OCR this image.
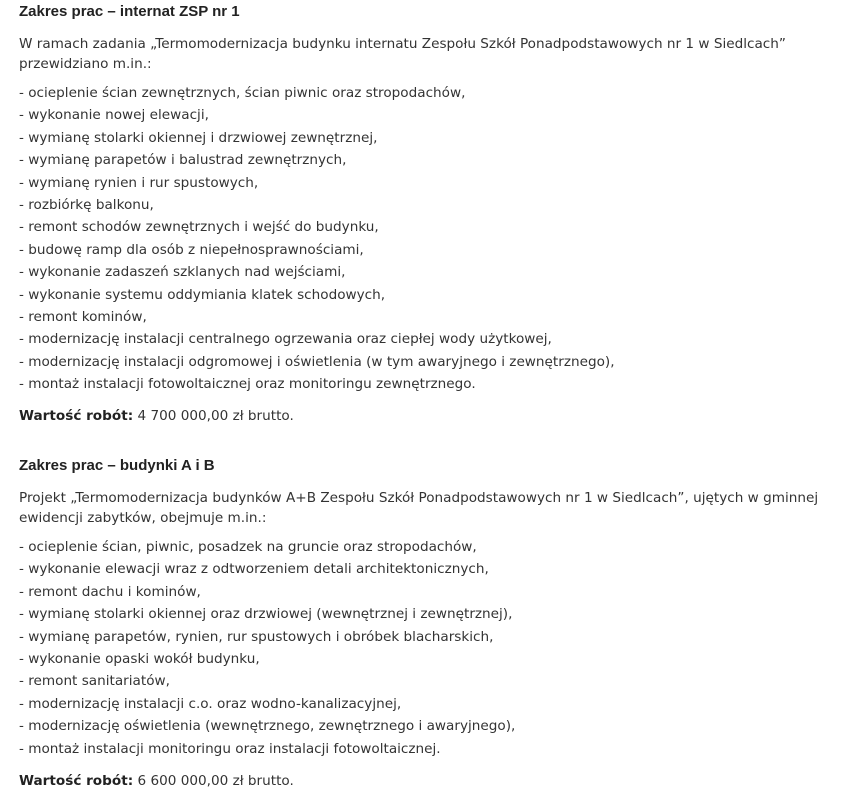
Zakres prac – internat ZSP nr 1

W ramach zadania „Termomodernizacja budynku internatu Zespołu Szkół Ponadpodstawowych nr 1 w Siedlcach”
przewidziano m.in.:

- ocieplenie ścian zewnętrznych, ścian piwnic oraz stropodachów,
- wykonanie nowej elewacji,
- wymianę stolarki okiennej i drzwiowej zewnętrznej,
- wymianę parapetów i balustrad zewnętrznych,
- wymianę rynien i rur spustowych,
- rozbiórkę balkonu,
- remont schodów zewnętrznych i wejść do budynku,
- budowę ramp dla osób z niepełnosprawnościami,
- wykonanie zadaszeń szklanych nad wejściami,
- wykonanie systemu oddymiania klatek schodowych,
- remont kominów,
- modernizację instalacji centralnego ogrzewania oraz ciepłej wody użytkowej,
- modernizację instalacji odgromowej i oświetlenia (w tym awaryjnego i zewnętrznego),
- montaż instalacji fotowoltaicznej oraz monitoringu zewnętrznego.

Wartość robót: 4 700 000,00 zł brutto.

Zakres prac – budynki A i B

Projekt „Termomodernizacja budynków A+B Zespołu Szkół Ponadpodstawowych nr 1 w Siedlcach”, ujętych w gminnej
ewidencji zabytków, obejmuje m.in.:

- ocieplenie ścian, piwnic, posadzek na gruncie oraz stropodachów,
- wykonanie elewacji wraz z odtworzeniem detali architektonicznych,
- remont dachu i kominów,
- wymianę stolarki okiennej oraz drzwiowej (wewnętrznej i zewnętrznej),
- wymianę parapetów, rynien, rur spustowych i obróbek blacharskich,
- wykonanie opaski wokół budynku,
- remont sanitariatów,
- modernizację instalacji c.o. oraz wodno-kanalizacyjnej,
- modernizację oświetlenia (wewnętrznego, zewnętrznego i awaryjnego),
- montaż instalacji monitoringu oraz instalacji fotowoltaicznej.

Wartość robót: 6 600 000,00 zł brutto.
